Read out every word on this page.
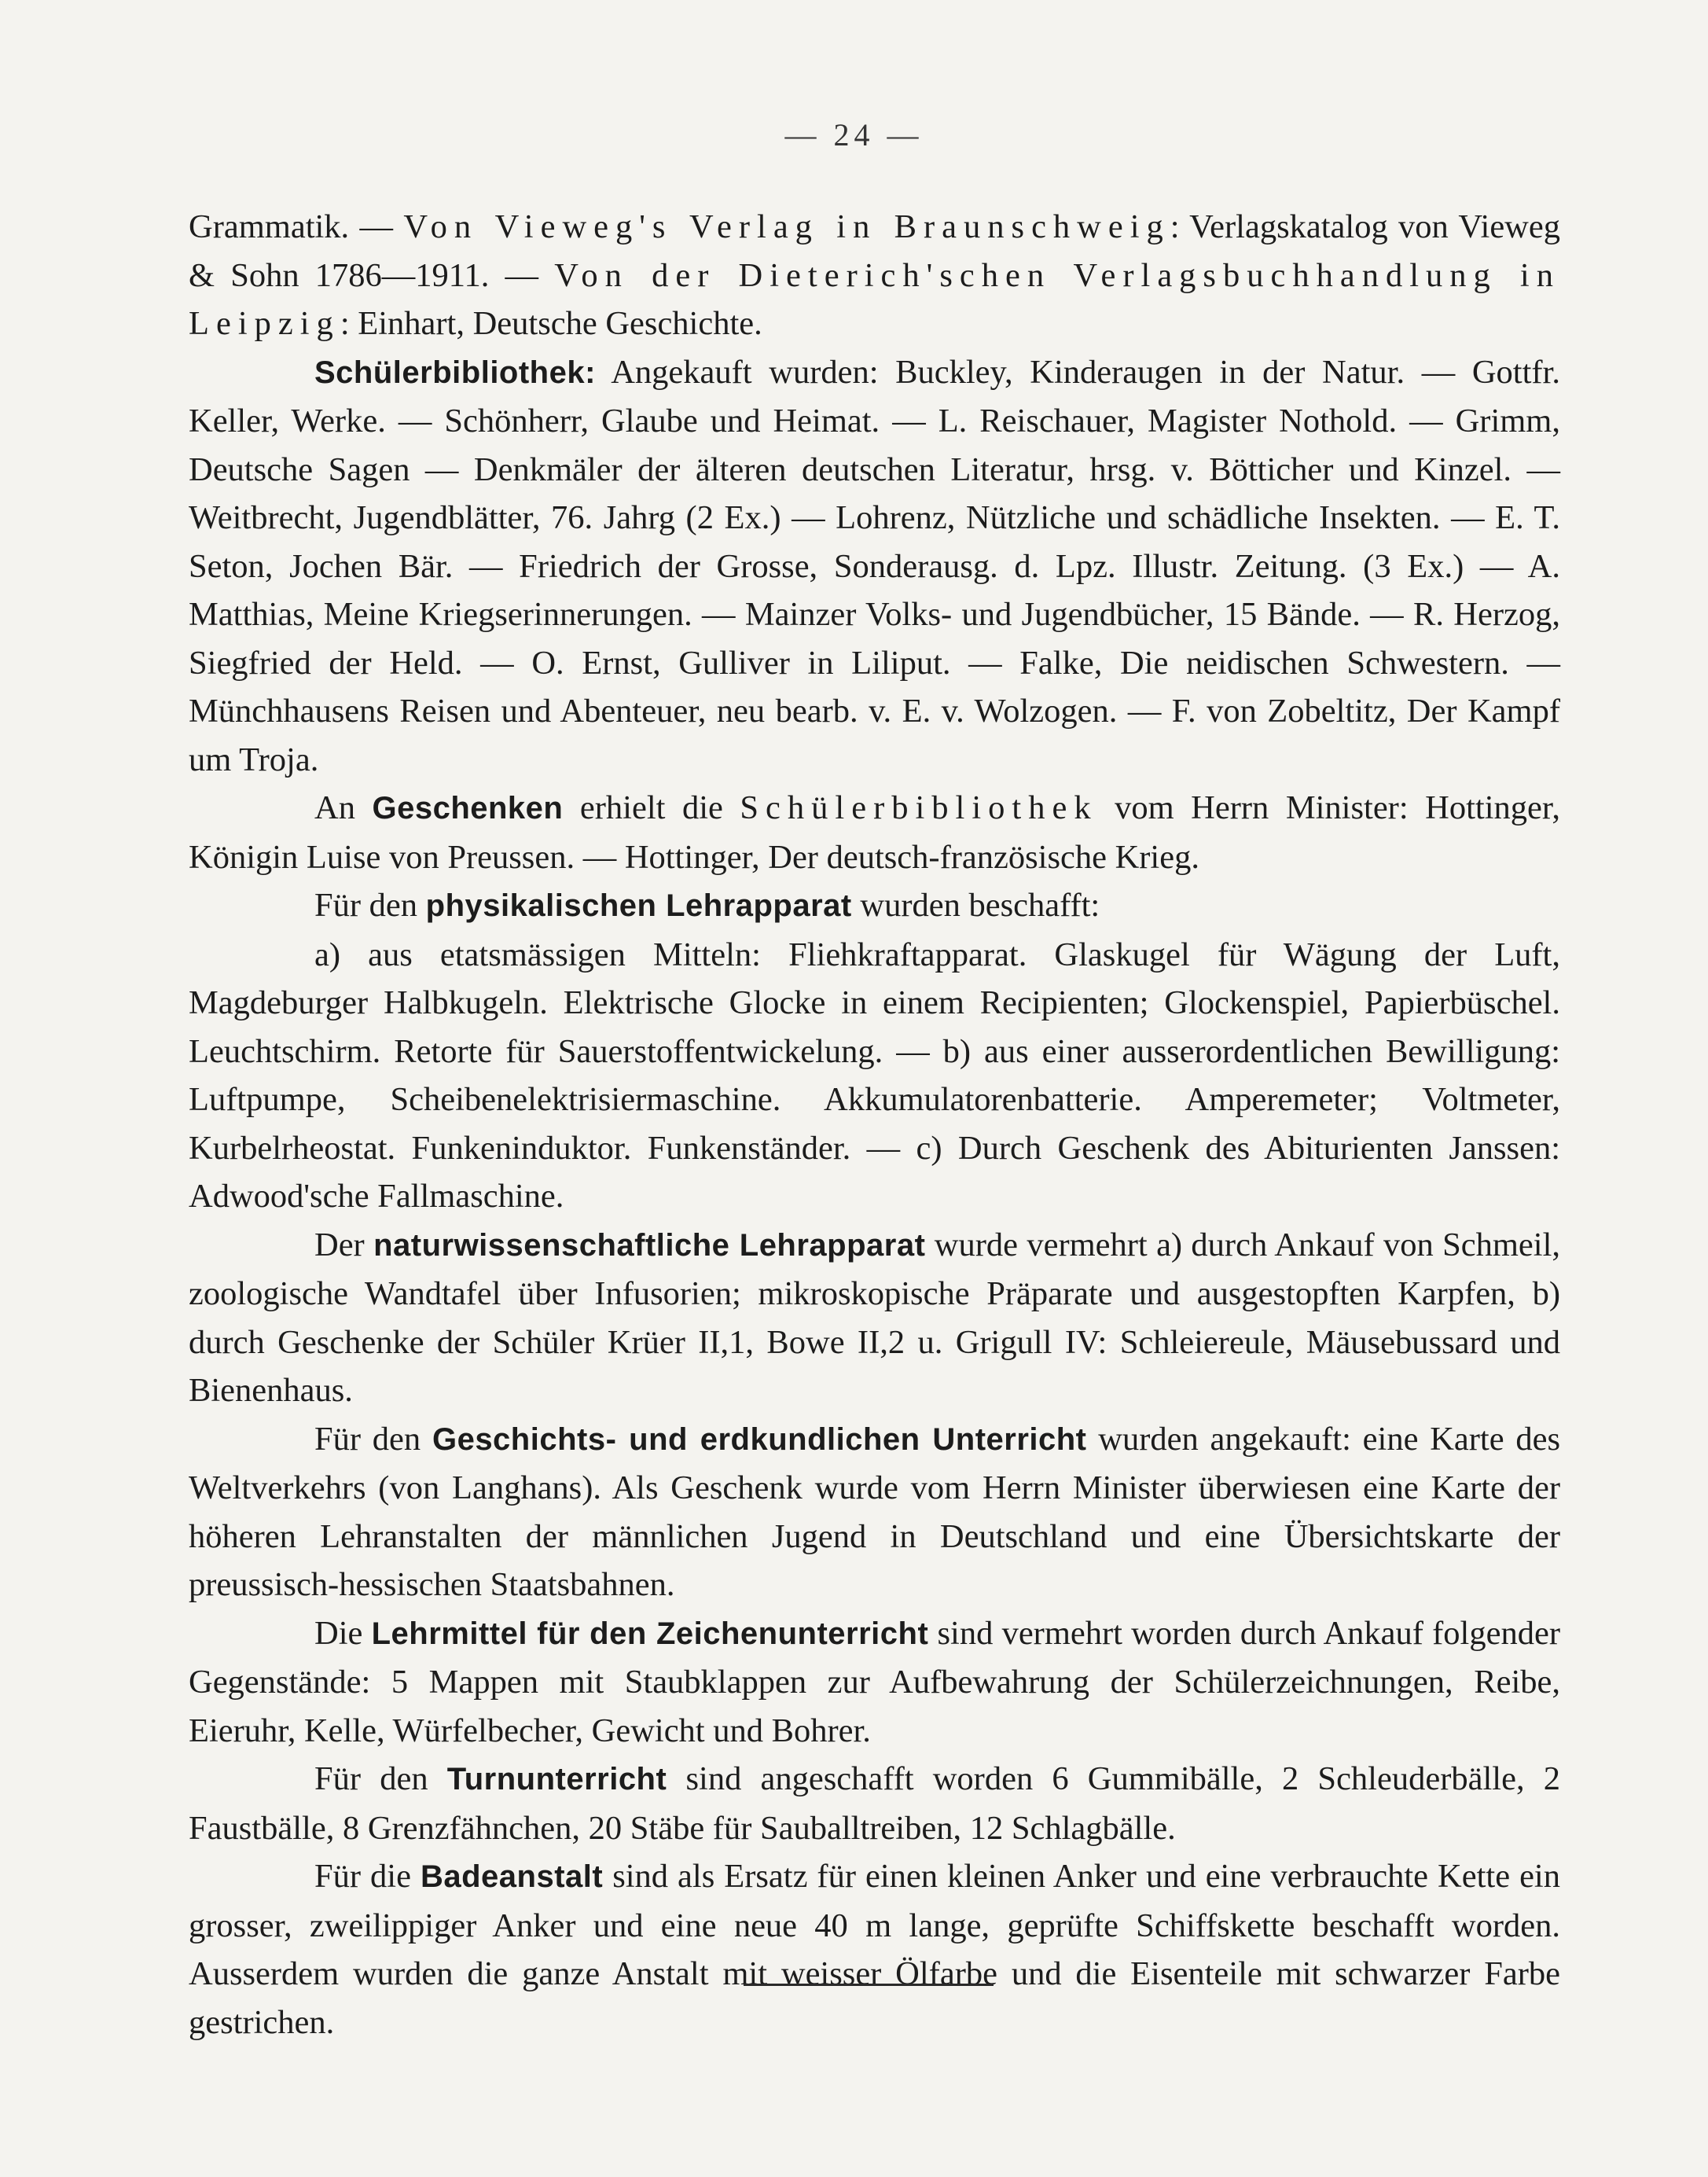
— 24 —

Grammatik. — Von Vieweg's Verlag in Braunschweig: Verlagskatalog von Vieweg & Sohn 1786—1911. — Von der Dieterich'schen Verlagsbuchhandlung in Leipzig: Einhart, Deutsche Geschichte.

Schülerbibliothek: Angekauft wurden: Buckley, Kinderaugen in der Natur. — Gottfr. Keller, Werke. — Schönherr, Glaube und Heimat. — L. Reischauer, Magister Nothold. — Grimm, Deutsche Sagen — Denkmäler der älteren deutschen Literatur, hrsg. v. Bötticher und Kinzel. — Weitbrecht, Jugendblätter, 76. Jahrg (2 Ex.) — Lohrenz, Nützliche und schädliche Insekten. — E. T. Seton, Jochen Bär. — Friedrich der Grosse, Sonderausg. d. Lpz. Illustr. Zeitung. (3 Ex.) — A. Matthias, Meine Kriegserinnerungen. — Mainzer Volks- und Jugendbücher, 15 Bände. — R. Herzog, Siegfried der Held. — O. Ernst, Gulliver in Liliput. — Falke, Die neidischen Schwestern. — Münchhausens Reisen und Abenteuer, neu bearb. v. E. v. Wolzogen. — F. von Zobeltitz, Der Kampf um Troja.

An Geschenken erhielt die Schülerbibliothek vom Herrn Minister: Hottinger, Königin Luise von Preussen. — Hottinger, Der deutsch-französische Krieg.

Für den physikalischen Lehrapparat wurden beschafft:

a) aus etatsmässigen Mitteln: Fliehkraftapparat. Glaskugel für Wägung der Luft, Magdeburger Halbkugeln. Elektrische Glocke in einem Recipienten; Glockenspiel, Papierbüschel. Leuchtschirm. Retorte für Sauerstoffentwickelung. — b) aus einer ausserordentlichen Bewilligung: Luftpumpe, Scheibenelektrisiermaschine. Akkumulatorenbatterie. Amperemeter; Voltmeter, Kurbelrheostat. Funkeninduktor. Funkenständer. — c) Durch Geschenk des Abiturienten Janssen: Adwood'sche Fallmaschine.

Der naturwissenschaftliche Lehrapparat wurde vermehrt a) durch Ankauf von Schmeil, zoologische Wandtafel über Infusorien; mikroskopische Präparate und ausgestopften Karpfen, b) durch Geschenke der Schüler Krüer II,1, Bowe II,2 u. Grigull IV: Schleiereule, Mäusebussard und Bienenhaus.

Für den Geschichts- und erdkundlichen Unterricht wurden angekauft: eine Karte des Weltverkehrs (von Langhans). Als Geschenk wurde vom Herrn Minister überwiesen eine Karte der höheren Lehranstalten der männlichen Jugend in Deutschland und eine Übersichtskarte der preussisch-hessischen Staatsbahnen.

Die Lehrmittel für den Zeichenunterricht sind vermehrt worden durch Ankauf folgender Gegenstände: 5 Mappen mit Staubklappen zur Aufbewahrung der Schülerzeichnungen, Reibe, Eieruhr, Kelle, Würfelbecher, Gewicht und Bohrer.

Für den Turnunterricht sind angeschafft worden 6 Gummibälle, 2 Schleuderbälle, 2 Faustbälle, 8 Grenzfähnchen, 20 Stäbe für Sauballtreiben, 12 Schlagbälle.

Für die Badeanstalt sind als Ersatz für einen kleinen Anker und eine verbrauchte Kette ein grosser, zweilippiger Anker und eine neue 40 m lange, geprüfte Schiffskette beschafft worden. Ausserdem wurden die ganze Anstalt mit weisser Ölfarbe und die Eisenteile mit schwarzer Farbe gestrichen.
